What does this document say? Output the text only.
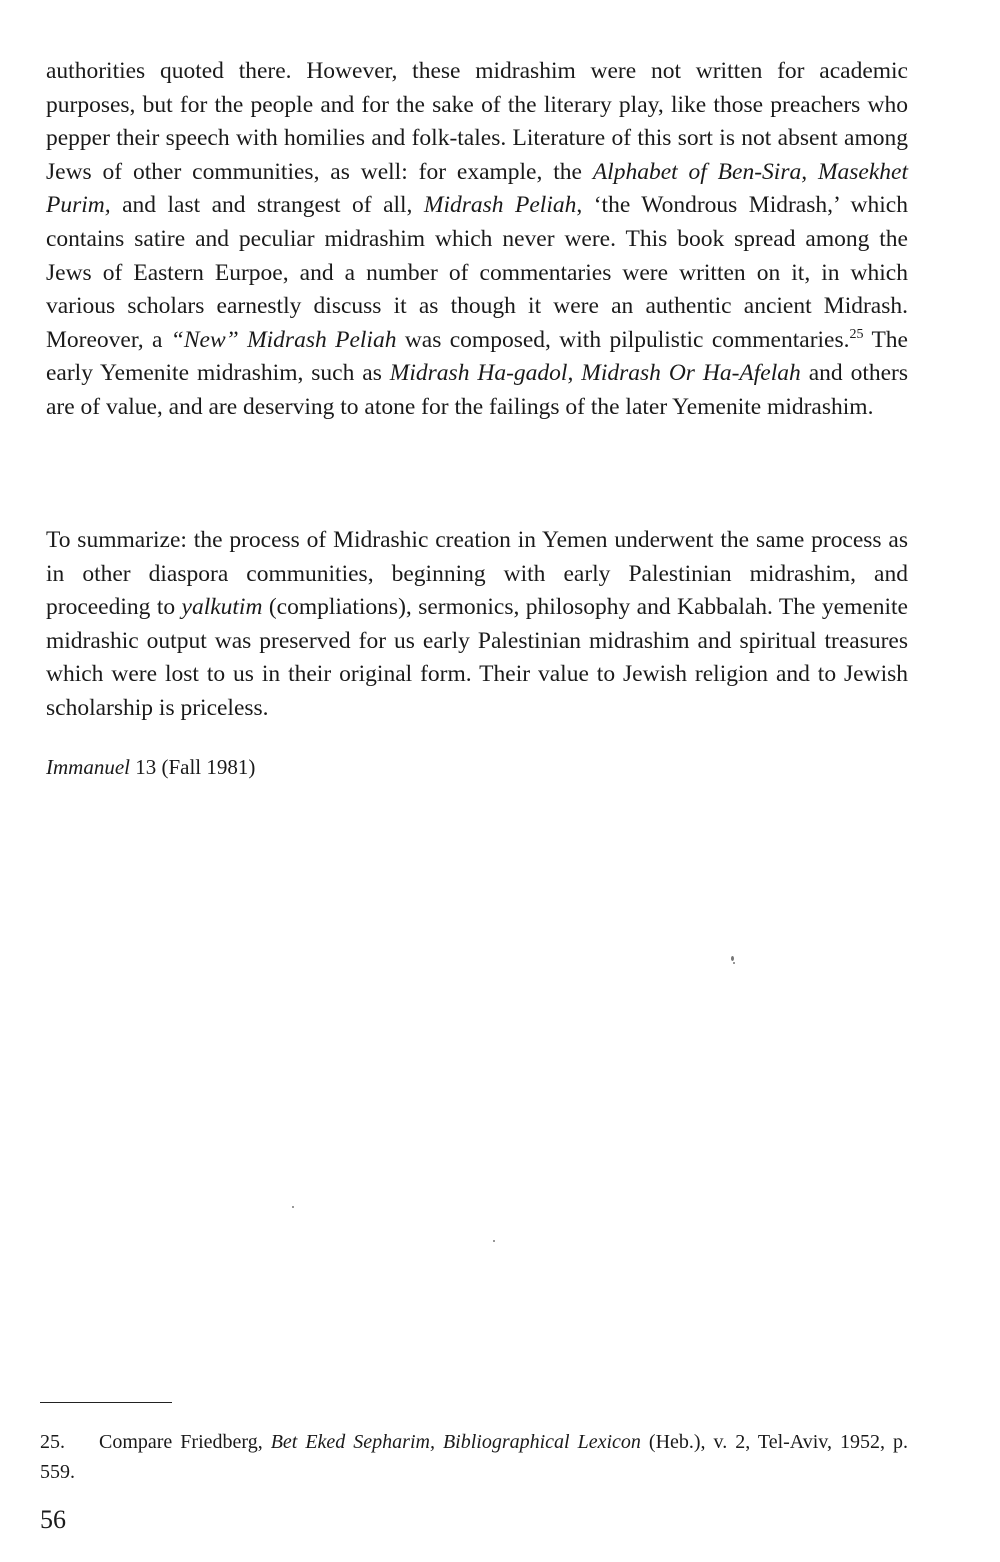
authorities quoted there. However, these midrashim were not written for academic purposes, but for the people and for the sake of the literary play, like those preachers who pepper their speech with homilies and folk-tales. Literature of this sort is not absent among Jews of other communities, as well: for example, the Alphabet of Ben-Sira, Masekhet Purim, and last and strangest of all, Midrash Peliah, ‘the Wondrous Midrash,’ which contains satire and peculiar midrashim which never were. This book spread among the Jews of Eastern Eurpoe, and a number of commentaries were written on it, in which various scholars earnestly discuss it as though it were an authentic ancient Midrash. Moreover, a “New” Midrash Peliah was composed, with pilpulistic commentaries.$^{25}$ The early Yemenite midrashim, such as Midrash Ha-gadol, Midrash Or Ha-Afelah and others are of value, and are deserving to atone for the failings of the later Yemenite midrashim.

To summarize: the process of Midrashic creation in Yemen underwent the same process as in other diaspora communities, beginning with early Palestinian midrashim, and proceeding to yalkutim (compliations), sermonics, philosophy and Kabbalah. The yemenite midrashic output was preserved for us early Palestinian midrashim and spiritual treasures which were lost to us in their original form. Their value to Jewish religion and to Jewish scholarship is priceless.

Immanuel 13 (Fall 1981)

25. Compare Friedberg, Bet Eked Sepharim, Bibliographical Lexicon (Heb.), v. 2, Tel-Aviv, 1952, p. 559.

56
